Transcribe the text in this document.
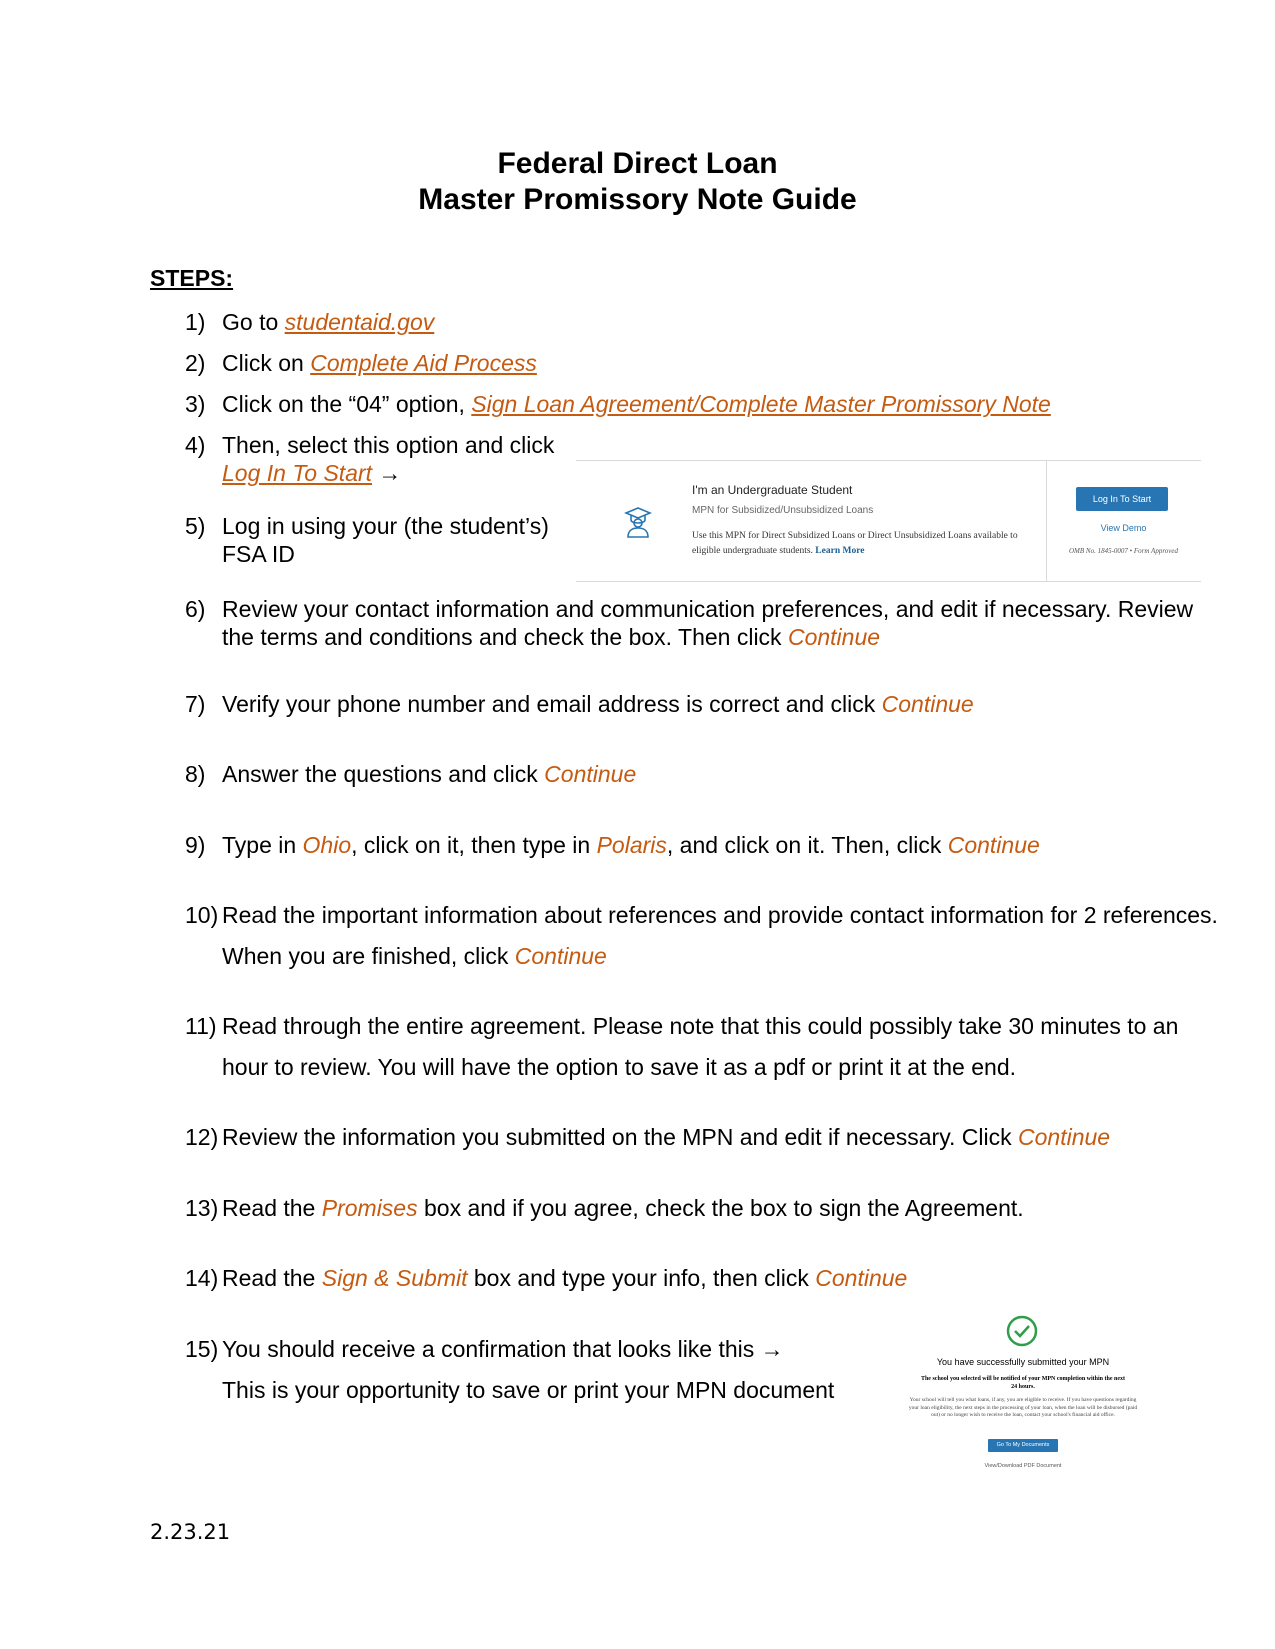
Federal Direct Loan
Master Promissory Note Guide
STEPS:
1) Go to studentaid.gov
2) Click on Complete Aid Process
3) Click on the “04” option, Sign Loan Agreement/Complete Master Promissory Note
4) Then, select this option and click
Log In To Start →
5) Log in using your (the student’s)
FSA ID
6) Review your contact information and communication preferences, and edit if necessary. Review
the terms and conditions and check the box. Then click Continue
7) Verify your phone number and email address is correct and click Continue
8) Answer the questions and click Continue
9) Type in Ohio, click on it, then type in Polaris, and click on it. Then, click Continue
10) Read the important information about references and provide contact information for 2 references.
When you are finished, click Continue
11) Read through the entire agreement. Please note that this could possibly take 30 minutes to an
hour to review. You will have the option to save it as a pdf or print it at the end.
12) Review the information you submitted on the MPN and edit if necessary. Click Continue
13) Read the Promises box and if you agree, check the box to sign the Agreement.
14) Read the Sign & Submit box and type your info, then click Continue
15) You should receive a confirmation that looks like this →
This is your opportunity to save or print your MPN document
I'm an Undergraduate Student
MPN for Subsidized/Unsubsidized Loans
Use this MPN for Direct Subsidized Loans or Direct Unsubsidized Loans available to eligible undergraduate students. Learn More
Log In To Start
View Demo
OMB No. 1845-0007 • Form Approved
You have successfully submitted your MPN
The school you selected will be notified of your MPN completion within the next 24 hours.
Your school will tell you what loans, if any, you are eligible to receive. If you have questions regarding your loan eligibility, the next steps in the processing of your loan, when the loan will be disbursed (paid out) or no longer wish to receive the loan, contact your school's financial aid office.
Go To My Documents
View/Download PDF Document
2.23.21
